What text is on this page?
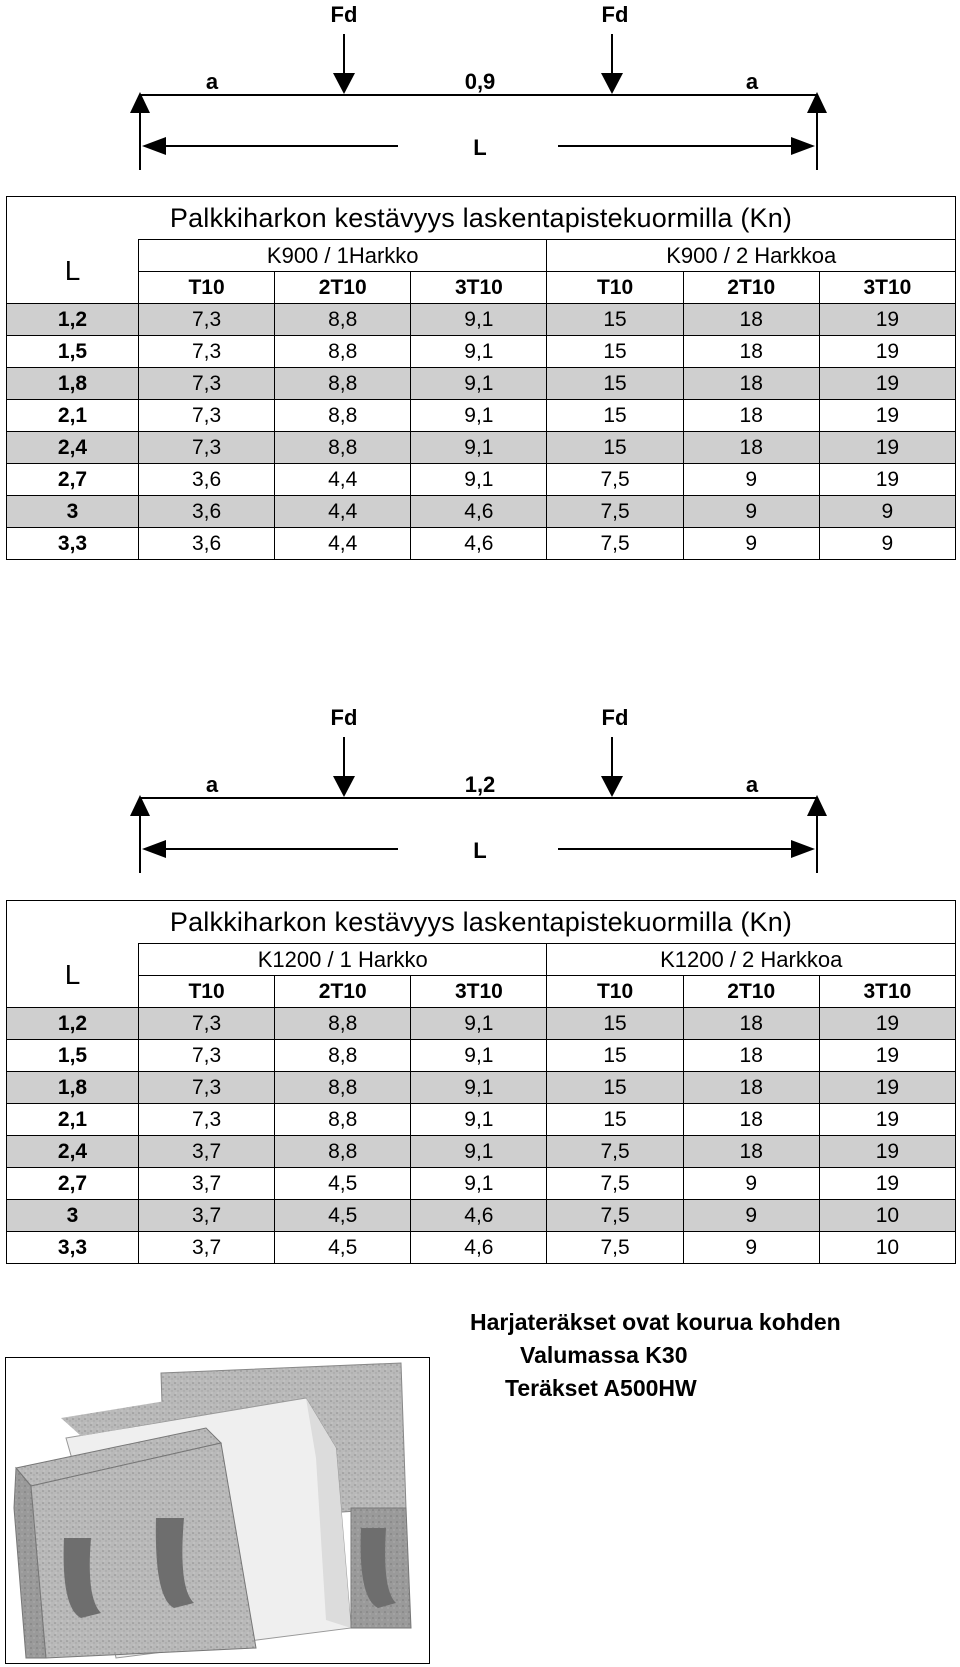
Fd	Fd
a	0,9	a
L
Palkkiharkon kestävyys laskentapistekuormilla (Kn)						
L	K900 / 1Harkko			K900 / 2 Harkkoa		
	T10	2T10	3T10	T10	2T10	3T10
1,2	7,3	8,8	9,1	15	18	19
1,5	7,3	8,8	9,1	15	18	19
1,8	7,3	8,8	9,1	15	18	19
2,1	7,3	8,8	9,1	15	18	19
2,4	7,3	8,8	9,1	15	18	19
2,7	3,6	4,4	9,1	7,5	9	19
3	3,6	4,4	4,6	7,5	9	9
3,3	3,6	4,4	4,6	7,5	9	9
Fd	Fd
a	1,2	a
L
Palkkiharkon kestävyys laskentapistekuormilla (Kn)						
L	K1200 / 1 Harkko			K1200 / 2 Harkkoa		
	T10	2T10	3T10	T10	2T10	3T10
1,2	7,3	8,8	9,1	15	18	19
1,5	7,3	8,8	9,1	15	18	19
1,8	7,3	8,8	9,1	15	18	19
2,1	7,3	8,8	9,1	15	18	19
2,4	3,7	8,8	9,1	7,5	18	19
2,7	3,7	4,5	9,1	7,5	9	19
3	3,7	4,5	4,6	7,5	9	10
3,3	3,7	4,5	4,6	7,5	9	10
Harjateräkset ovat kourua kohden
Valumassa K30
Teräkset A500HW
